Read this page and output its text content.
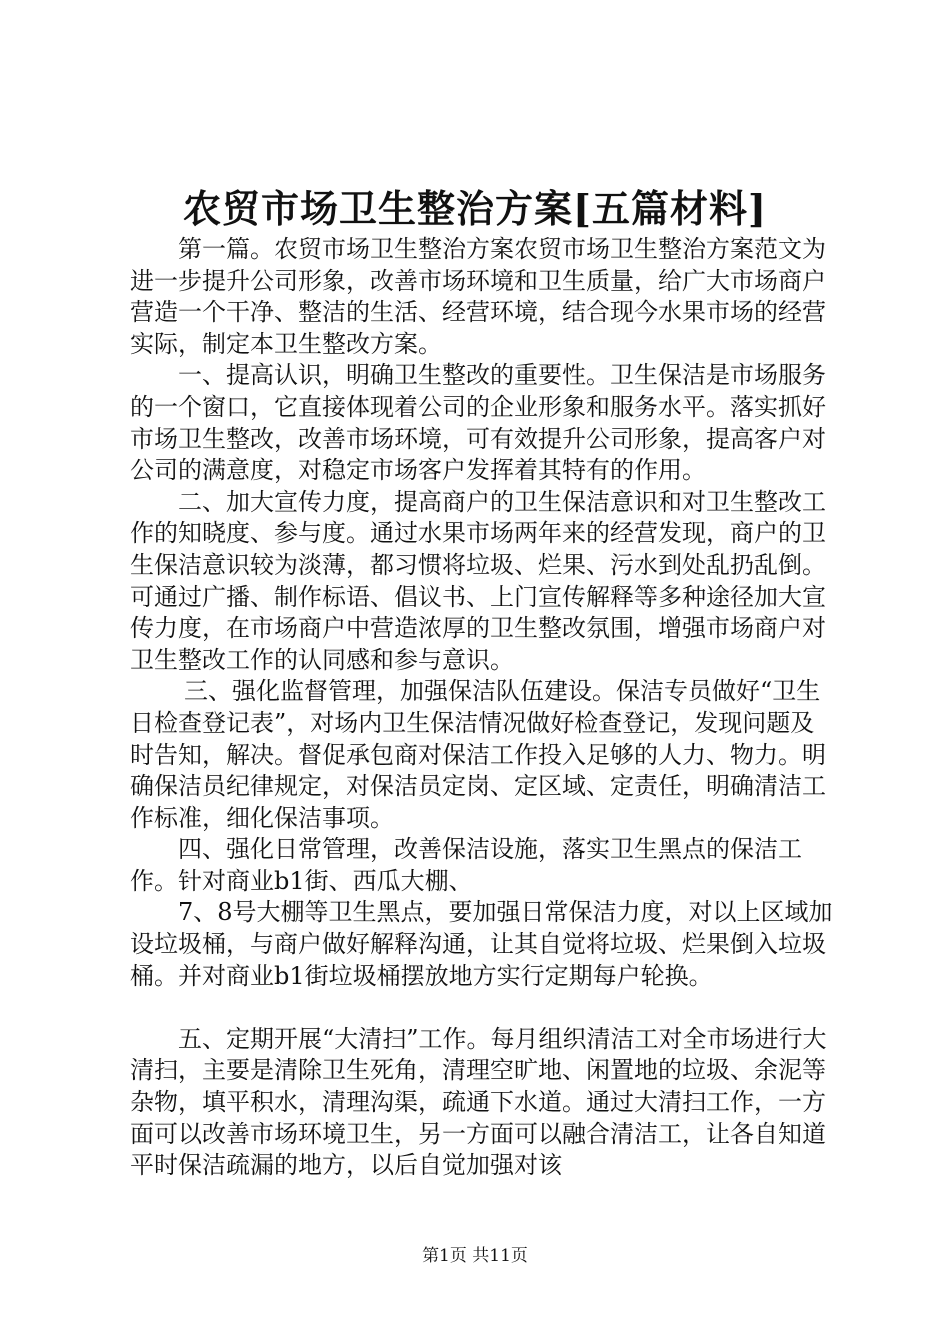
农贸市场卫生整治方案[五篇材料]

第一篇。农贸市场卫生整治方案农贸市场卫生整治方案范文为进一步提升公司形象，改善市场环境和卫生质量，给广大市场商户营造一个干净、整洁的生活、经营环境，结合现今水果市场的经营实际，制定本卫生整改方案。

一、提高认识，明确卫生整改的重要性。卫生保洁是市场服务的一个窗口，它直接体现着公司的企业形象和服务水平。落实抓好市场卫生整改，改善市场环境，可有效提升公司形象，提高客户对公司的满意度，对稳定市场客户发挥着其特有的作用。

二、加大宣传力度，提高商户的卫生保洁意识和对卫生整改工作的知晓度、参与度。通过水果市场两年来的经营发现，商户的卫生保洁意识较为淡薄，都习惯将垃圾、烂果、污水到处乱扔乱倒。可通过广播、制作标语、倡议书、上门宣传解释等多种途径加大宣传力度，在市场商户中营造浓厚的卫生整改氛围，增强市场商户对卫生整改工作的认同感和参与意识。

三、强化监督管理，加强保洁队伍建设。保洁专员做好“卫生日检查登记表”，对场内卫生保洁情况做好检查登记，发现问题及时告知，解决。督促承包商对保洁工作投入足够的人力、物力。明确保洁员纪律规定，对保洁员定岗、定区域、定责任，明确清洁工作标准，细化保洁事项。

四、强化日常管理，改善保洁设施，落实卫生黑点的保洁工作。针对商业b1街、西瓜大棚、

7、8号大棚等卫生黑点，要加强日常保洁力度，对以上区域加设垃圾桶，与商户做好解释沟通，让其自觉将垃圾、烂果倒入垃圾桶。并对商业b1街垃圾桶摆放地方实行定期每户轮换。

五、定期开展“大清扫”工作。每月组织清洁工对全市场进行大清扫，主要是清除卫生死角，清理空旷地、闲置地的垃圾、余泥等杂物，填平积水，清理沟渠，疏通下水道。通过大清扫工作，一方面可以改善市场环境卫生，另一方面可以融合清洁工，让各自知道平时保洁疏漏的地方，以后自觉加强对该

第1页 共11页
